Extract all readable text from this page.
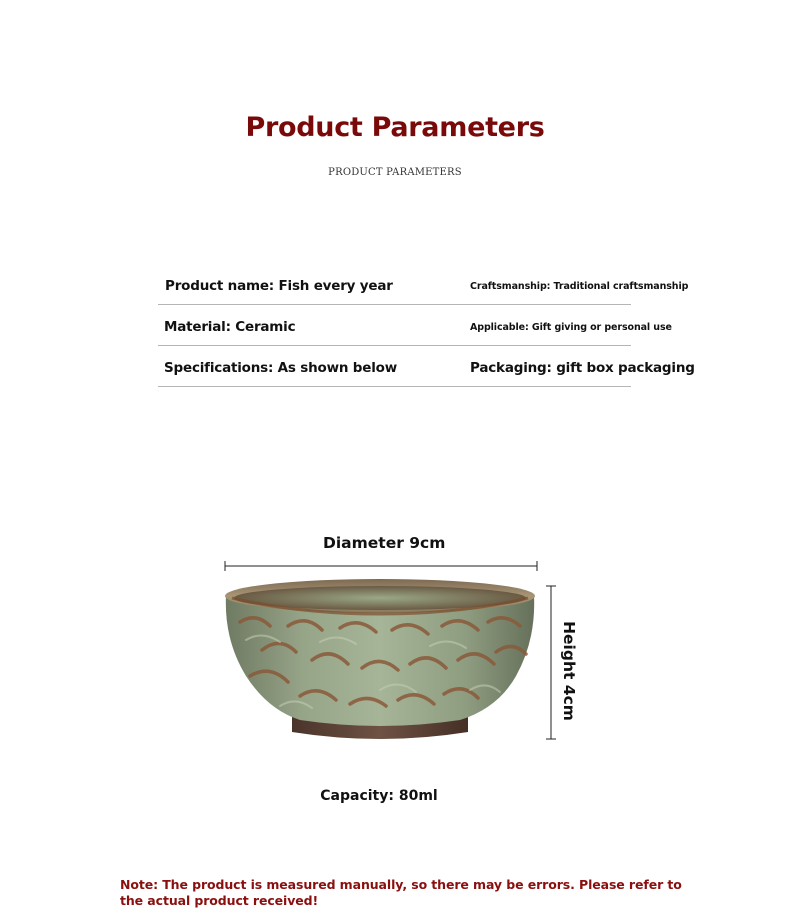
Product Parameters
PRODUCT PARAMETERS
Product name: Fish every year	Craftsmanship: Traditional craftsmanship
Material: Ceramic	Applicable: Gift giving or personal use
Specifications: As shown below	Packaging: gift box packaging
Diameter 9cm
Height 4cm
Capacity: 80ml
Note: The product is measured manually, so there may be errors. Please refer to the actual product received!
